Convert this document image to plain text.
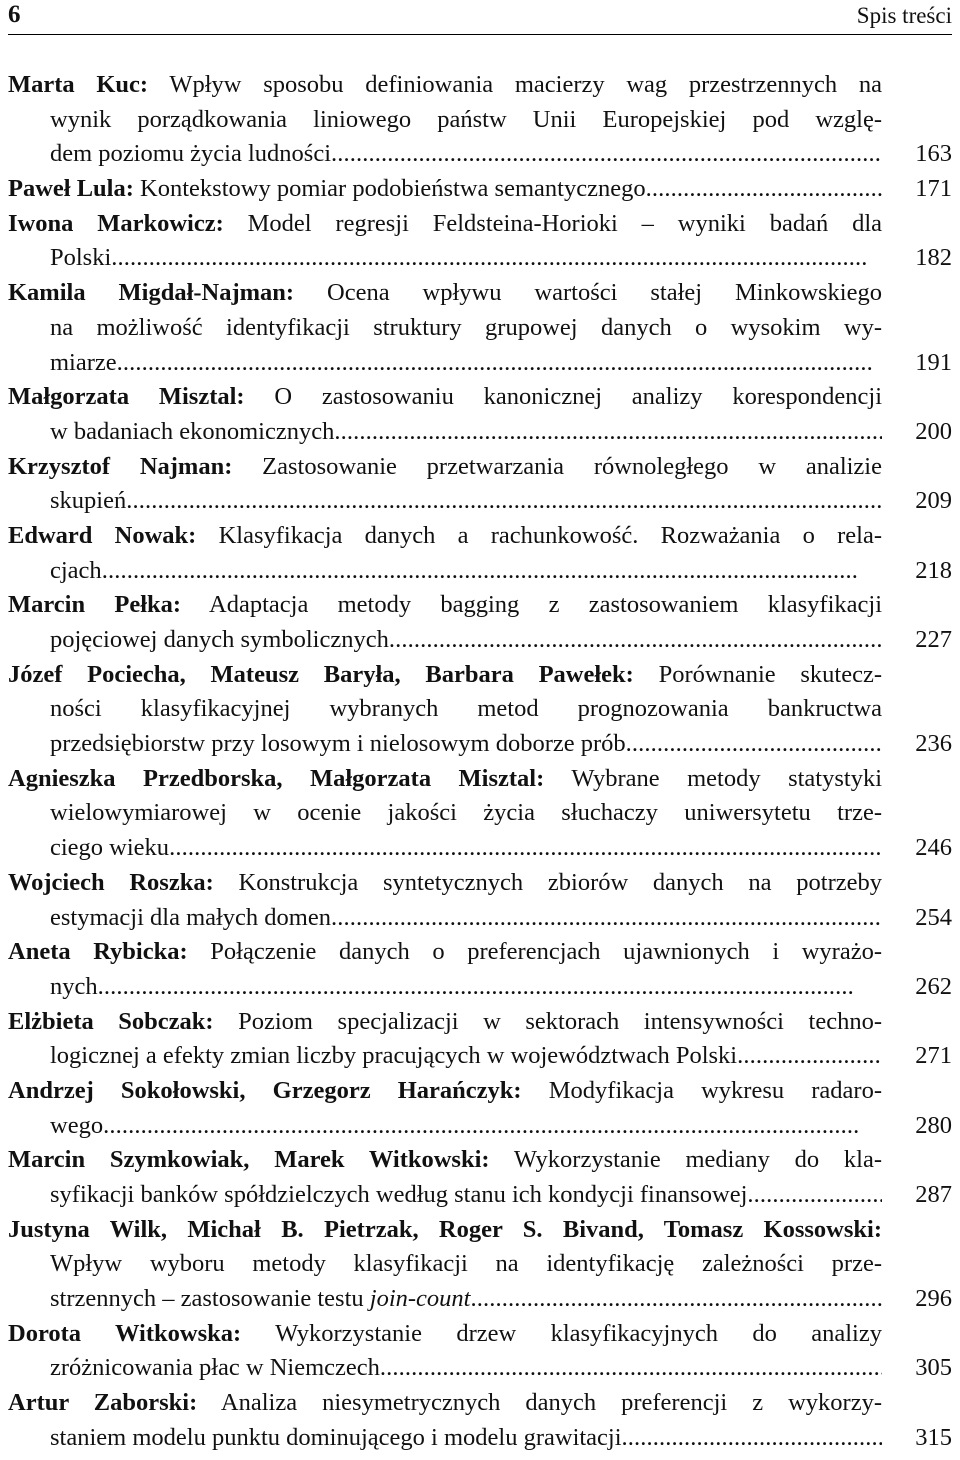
6	Spis treści
Marta Kuc: Wpływ sposobu definiowania macierzy wag przestrzennych na
wynik porządkowania liniowego państw Unii Europejskiej pod wzglę-
dem poziomu życia ludności . . .	163
Paweł Lula: Kontekstowy pomiar podobieństwa semantycznego . . .	171
Iwona Markowicz: Model regresji Feldsteina-Horioki – wyniki badań dla
Polski . . .	182
Kamila Migdał-Najman: Ocena wpływu wartości stałej Minkowskiego
na możliwość identyfikacji struktury grupowej danych o wysokim wy-
miarze . . .	191
Małgorzata Misztal: O zastosowaniu kanonicznej analizy korespondencji
w badaniach ekonomicznych . . .	200
Krzysztof Najman: Zastosowanie przetwarzania równoległego w analizie
skupień . . .	209
Edward Nowak: Klasyfikacja danych a rachunkowość. Rozważania o rela-
cjach . . .	218
Marcin Pełka: Adaptacja metody bagging z zastosowaniem klasyfikacji
pojęciowej danych symbolicznych . . .	227
Józef Pociecha, Mateusz Baryła, Barbara Pawełek: Porównanie skutecz-
ności klasyfikacyjnej wybranych metod prognozowania bankructwa
przedsiębiorstw przy losowym i nielosowym doborze prób . . .	236
Agnieszka Przedborska, Małgorzata Misztal: Wybrane metody statystyki
wielowymiarowej w ocenie jakości życia słuchaczy uniwersytetu trze-
ciego wieku . . .	246
Wojciech Roszka: Konstrukcja syntetycznych zbiorów danych na potrzeby
estymacji dla małych domen . . .	254
Aneta Rybicka: Połączenie danych o preferencjach ujawnionych i wyrażo-
nych . . .	262
Elżbieta Sobczak: Poziom specjalizacji w sektorach intensywności techno-
logicznej a efekty zmian liczby pracujących w województwach Polski . . .	271
Andrzej Sokołowski, Grzegorz Harańczyk: Modyfikacja wykresu radaro-
wego . . .	280
Marcin Szymkowiak, Marek Witkowski: Wykorzystanie mediany do kla-
syfikacji banków spółdzielczych według stanu ich kondycji finansowej . . .	287
Justyna Wilk, Michał B. Pietrzak, Roger S. Bivand, Tomasz Kossowski:
Wpływ wyboru metody klasyfikacji na identyfikację zależności prze-
strzennych – zastosowanie testu join-count . . .	296
Dorota Witkowska: Wykorzystanie drzew klasyfikacyjnych do analizy
zróżnicowania płac w Niemczech . . .	305
Artur Zaborski: Analiza niesymetrycznych danych preferencji z wykorzy-
staniem modelu punktu dominującego i modelu grawitacji . . .	315
